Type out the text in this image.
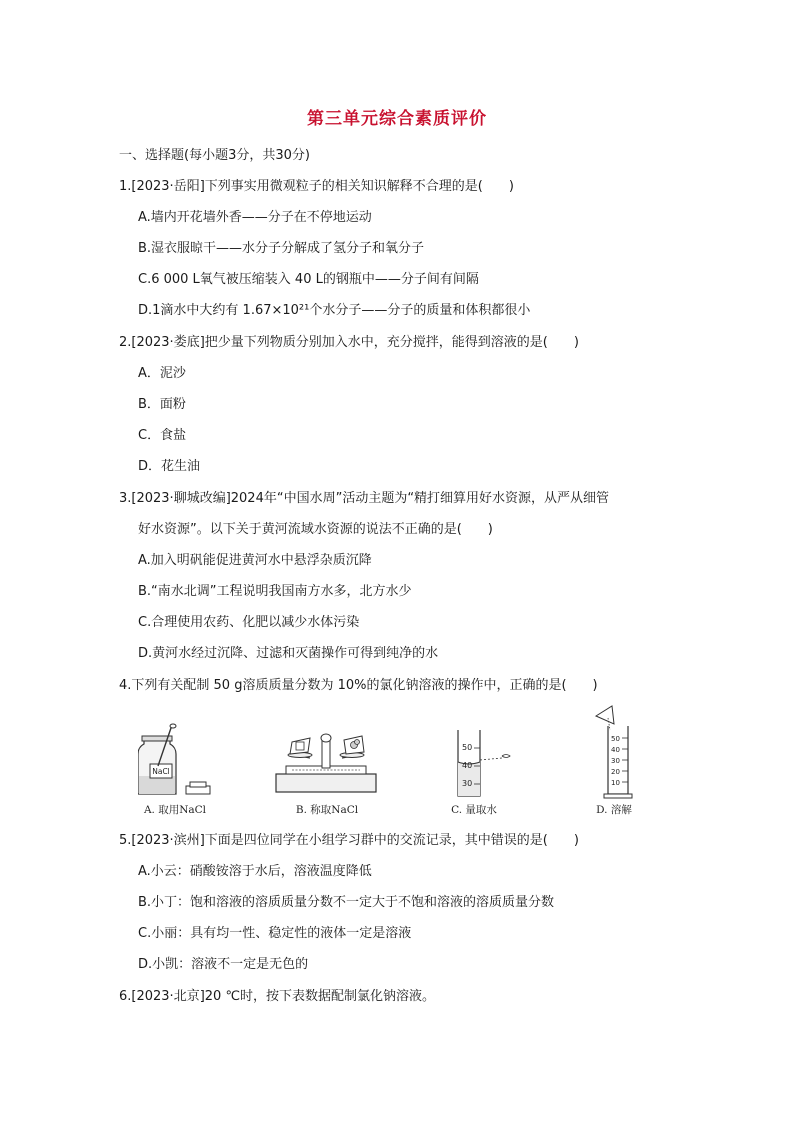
第三单元综合素质评价
一、选择题(每小题3分，共30分)
1.[2023·岳阳]下列事实用微观粒子的相关知识解释不合理的是(　　)
A.墙内开花墙外香——分子在不停地运动
B.湿衣服晾干——水分子分解成了氢分子和氧分子
C.6 000 L氧气被压缩装入 40 L的钢瓶中——分子间有间隔
D.1滴水中大约有 1.67×10²¹个水分子——分子的质量和体积都很小
2.[2023·娄底]把少量下列物质分别加入水中，充分搅拌，能得到溶液的是(　　)
A．泥沙
B．面粉
C．食盐
D．花生油
3.[2023·聊城改编]2024年“中国水周”活动主题为“精打细算用好水资源，从严从细管
好水资源”。以下关于黄河流域水资源的说法不正确的是(　　)
A.加入明矾能促进黄河水中悬浮杂质沉降
B.“南水北调”工程说明我国南方水多，北方水少
C.合理使用农药、化肥以减少水体污染
D.黄河水经过沉降、过滤和灭菌操作可得到纯净的水
4.下列有关配制 50 g溶质质量分数为 10%的氯化钠溶液的操作中，正确的是(　　)
NaCl
A. 取用NaCl	B. 称取NaCl
50
40
30
C. 量取水
50
40
30
20
10
D. 溶解
5.[2023·滨州]下面是四位同学在小组学习群中的交流记录，其中错误的是(　　)
A.小云：硝酸铵溶于水后，溶液温度降低
B.小丁：饱和溶液的溶质质量分数不一定大于不饱和溶液的溶质质量分数
C.小丽：具有均一性、稳定性的液体一定是溶液
D.小凯：溶液不一定是无色的
6.[2023·北京]20 ℃时，按下表数据配制氯化钠溶液。
